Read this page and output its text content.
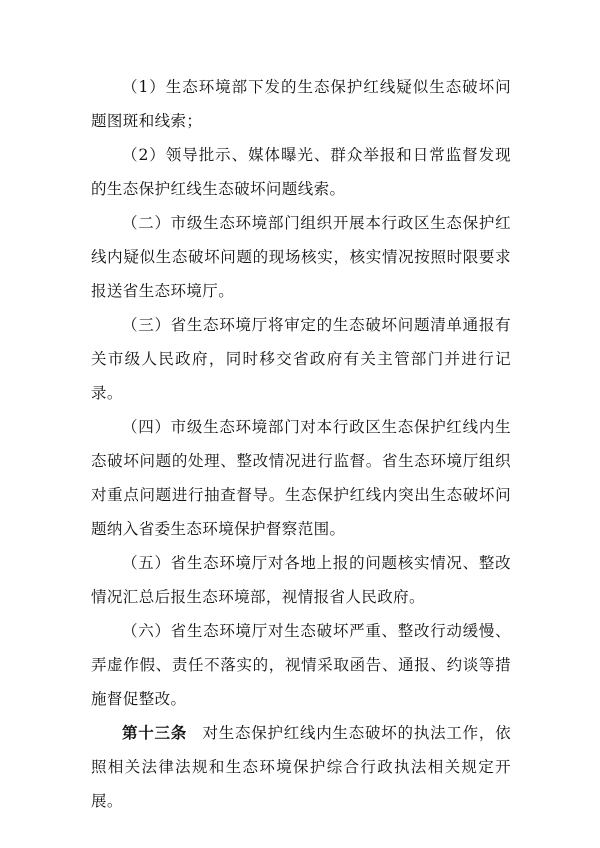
（1）生态环境部下发的生态保护红线疑似生态破坏问题图斑和线索；

（2）领导批示、媒体曝光、群众举报和日常监督发现的生态保护红线生态破坏问题线索。

（二）市级生态环境部门组织开展本行政区生态保护红线内疑似生态破坏问题的现场核实，核实情况按照时限要求报送省生态环境厅。

（三）省生态环境厅将审定的生态破坏问题清单通报有关市级人民政府，同时移交省政府有关主管部门并进行记录。

（四）市级生态环境部门对本行政区生态保护红线内生态破坏问题的处理、整改情况进行监督。省生态环境厅组织对重点问题进行抽查督导。生态保护红线内突出生态破坏问题纳入省委生态环境保护督察范围。

（五）省生态环境厅对各地上报的问题核实情况、整改情况汇总后报生态环境部，视情报省人民政府。

（六）省生态环境厅对生态破坏严重、整改行动缓慢、弄虚作假、责任不落实的，视情采取函告、通报、约谈等措施督促整改。

第十三条 对生态保护红线内生态破坏的执法工作，依照相关法律法规和生态环境保护综合行政执法相关规定开展。
